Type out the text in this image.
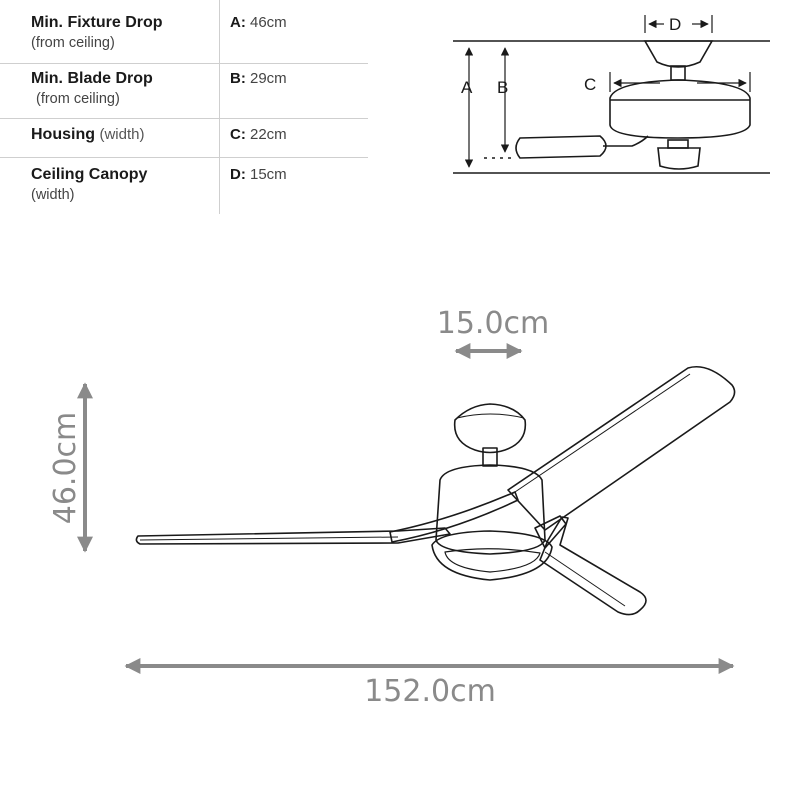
Min. Fixture Drop
(from ceiling)
A: 46cm
Min. Blade Drop
(from ceiling)
B: 29cm
Housing (width)	C: 22cm
Ceiling Canopy
(width)
D: 15cm
A B	C
D
15.0cm
46.0cm
152.0cm
